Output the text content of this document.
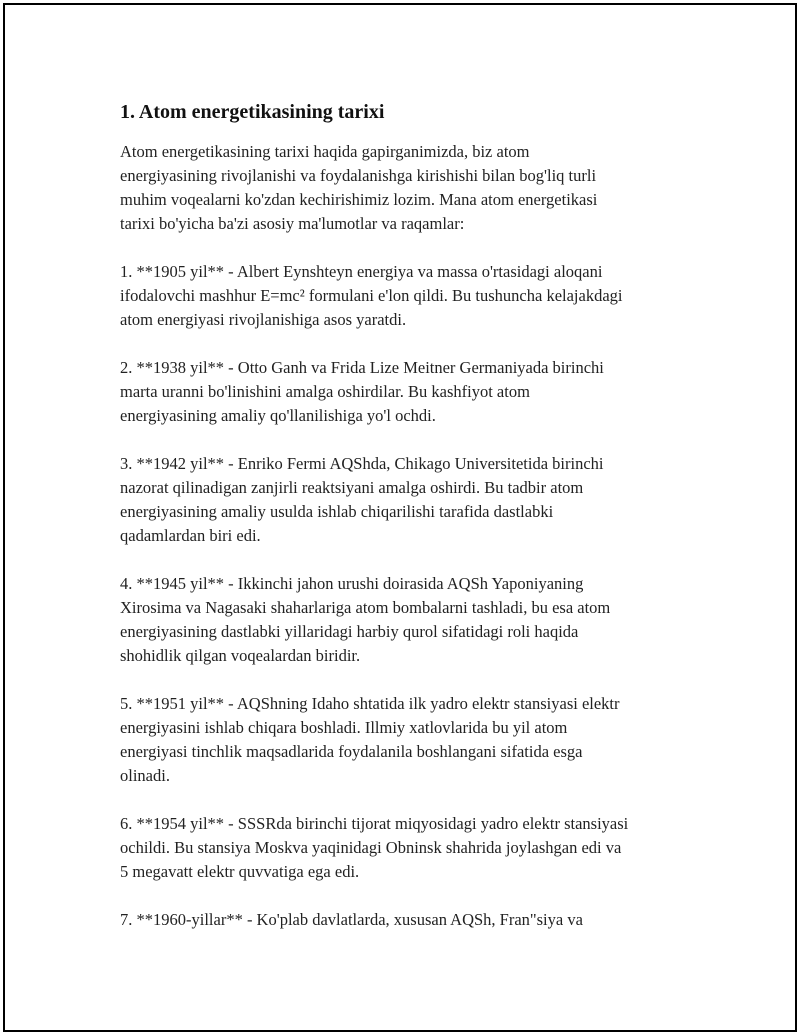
1. Atom energetikasining tarixi

Atom energetikasining tarixi haqida gapirganimizda, biz atom
energiyasining rivojlanishi va foydalanishga kirishishi bilan bog'liq turli
muhim voqealarni ko'zdan kechirishimiz lozim. Mana atom energetikasi
tarixi bo'yicha ba'zi asosiy ma'lumotlar va raqamlar:

1. **1905 yil** - Albert Eynshteyn energiya va massa o'rtasidagi aloqani
ifodalovchi mashhur E=mc² formulani e'lon qildi. Bu tushuncha kelajakdagi
atom energiyasi rivojlanishiga asos yaratdi.

2. **1938 yil** - Otto Ganh va Frida Lize Meitner Germaniyada birinchi
marta uranni bo'linishini amalga oshirdilar. Bu kashfiyot atom
energiyasining amaliy qo'llanilishiga yo'l ochdi.

3. **1942 yil** - Enriko Fermi AQShda, Chikago Universitetida birinchi
nazorat qilinadigan zanjirli reaktsiyani amalga oshirdi. Bu tadbir atom
energiyasining amaliy usulda ishlab chiqarilishi tarafida dastlabki
qadamlardan biri edi.

4. **1945 yil** - Ikkinchi jahon urushi doirasida AQSh Yaponiyaning
Xirosima va Nagasaki shaharlariga atom bombalarni tashladi, bu esa atom
energiyasining dastlabki yillaridagi harbiy qurol sifatidagi roli haqida
shohidlik qilgan voqealardan biridir.

5. **1951 yil** - AQShning Idaho shtatida ilk yadro elektr stansiyasi elektr
energiyasini ishlab chiqara boshladi. Illmiy xatlovlarida bu yil atom
energiyasi tinchlik maqsadlarida foydalanila boshlangani sifatida esga
olinadi.

6. **1954 yil** - SSSRda birinchi tijorat miqyosidagi yadro elektr stansiyasi
ochildi. Bu stansiya Moskva yaqinidagi Obninsk shahrida joylashgan edi va
5 megavatt elektr quvvatiga ega edi.

7. **1960-yillar** - Ko'plab davlatlarda, xususan AQSh, Fran"siya va
